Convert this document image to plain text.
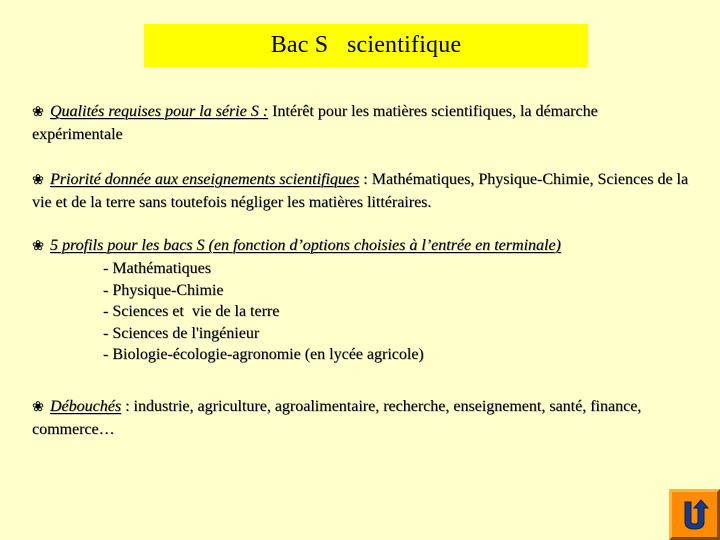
Bac S   scientifique
❀ Qualités requises pour la série S : Intérêt pour les matières scientifiques, la démarche expérimentale
❀ Priorité donnée aux enseignements scientifiques : Mathématiques, Physique-Chimie, Sciences de la vie et de la terre sans toutefois négliger les matières littéraires.
❀ 5 profils pour les bacs S (en fonction d’options choisies à l’entrée en terminale)
- Mathématiques
- Physique-Chimie
- Sciences et  vie de la terre
- Sciences de l'ingénieur
- Biologie-écologie-agronomie (en lycée agricole)
❀ Débouchés : industrie, agriculture, agroalimentaire, recherche, enseignement, santé, finance, commerce…
